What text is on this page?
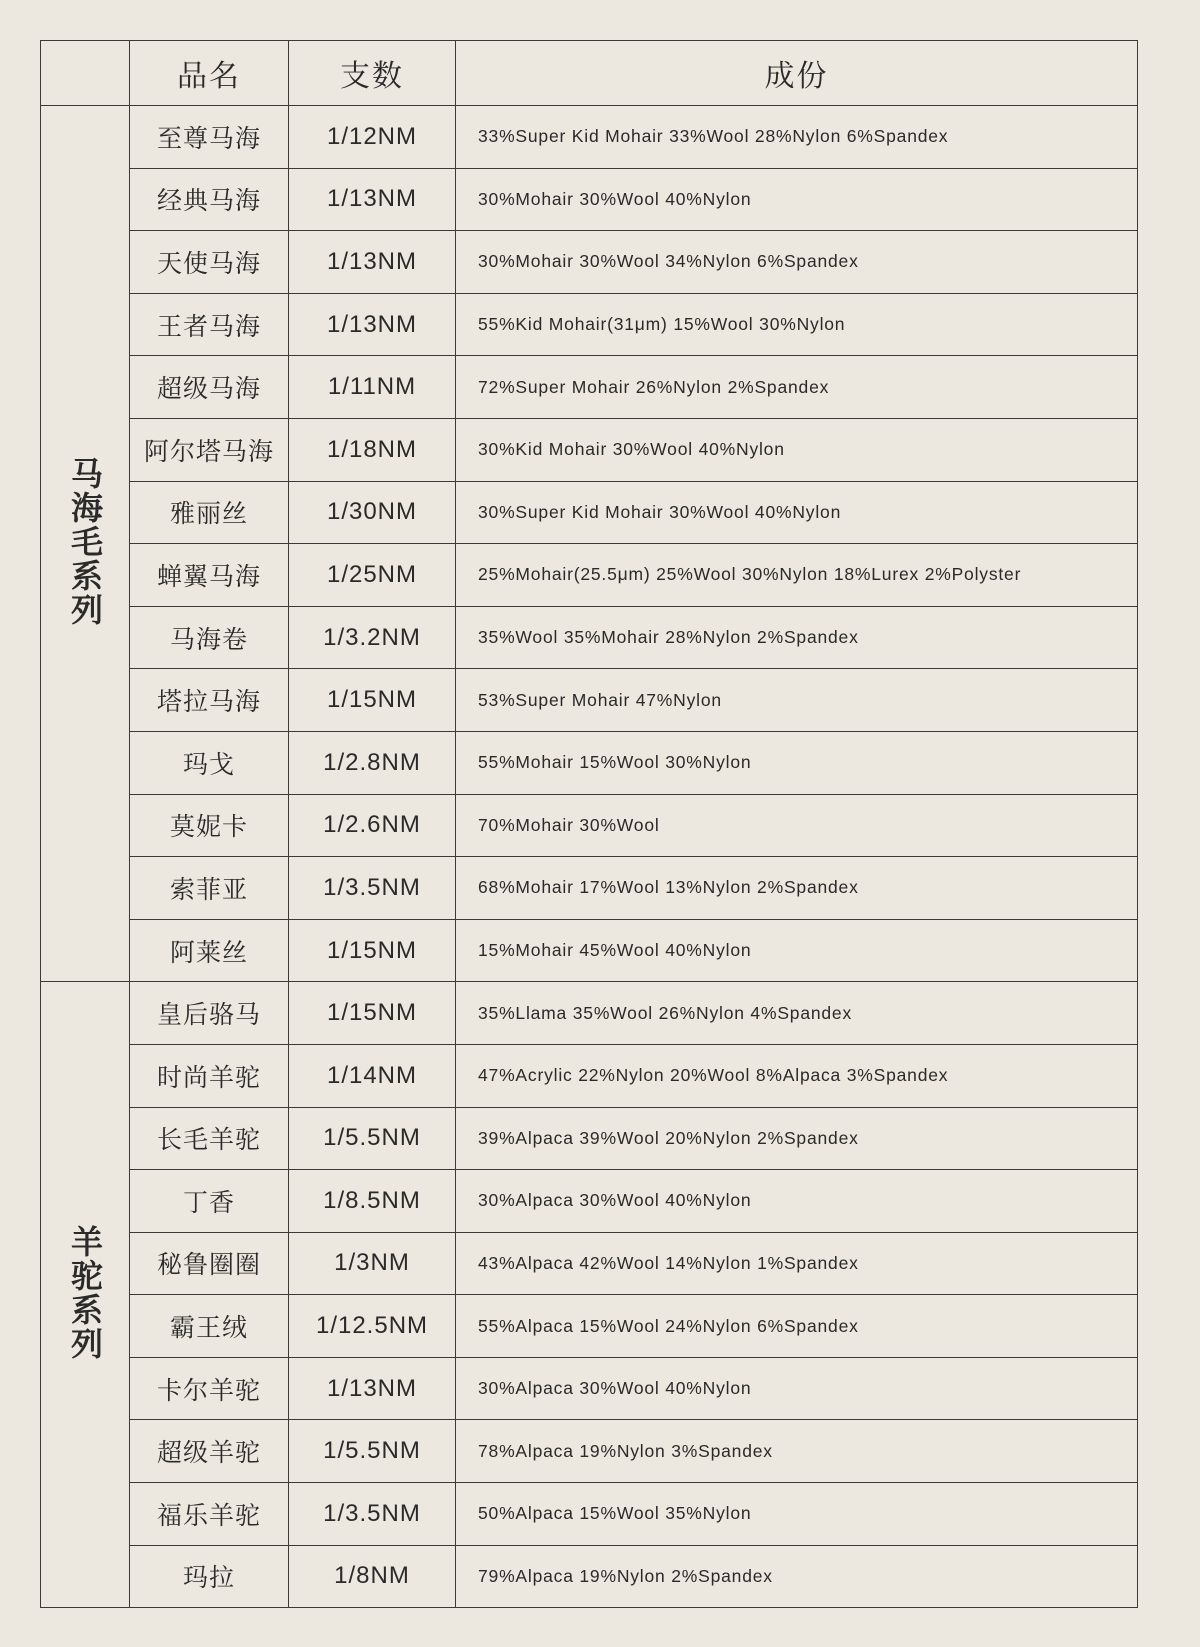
	品名	支数	成份
马海毛系列	至尊马海	1/12NM	33%Super Kid Mohair 33%Wool 28%Nylon 6%Spandex
	经典马海	1/13NM	30%Mohair 30%Wool 40%Nylon
	天使马海	1/13NM	30%Mohair 30%Wool 34%Nylon 6%Spandex
	王者马海	1/13NM	55%Kid Mohair(31μm) 15%Wool 30%Nylon
	超级马海	1/11NM	72%Super Mohair 26%Nylon 2%Spandex
	阿尔塔马海	1/18NM	30%Kid Mohair 30%Wool 40%Nylon
	雅丽丝	1/30NM	30%Super Kid Mohair 30%Wool 40%Nylon
	蝉翼马海	1/25NM	25%Mohair(25.5μm) 25%Wool 30%Nylon 18%Lurex 2%Polyster
	马海卷	1/3.2NM	35%Wool 35%Mohair 28%Nylon 2%Spandex
	塔拉马海	1/15NM	53%Super Mohair 47%Nylon
	玛戈	1/2.8NM	55%Mohair 15%Wool 30%Nylon
	莫妮卡	1/2.6NM	70%Mohair 30%Wool
	索菲亚	1/3.5NM	68%Mohair 17%Wool 13%Nylon 2%Spandex
	阿莱丝	1/15NM	15%Mohair 45%Wool 40%Nylon
羊驼系列	皇后骆马	1/15NM	35%Llama 35%Wool 26%Nylon 4%Spandex
	时尚羊驼	1/14NM	47%Acrylic 22%Nylon 20%Wool 8%Alpaca 3%Spandex
	长毛羊驼	1/5.5NM	39%Alpaca 39%Wool 20%Nylon 2%Spandex
	丁香	1/8.5NM	30%Alpaca 30%Wool 40%Nylon
	秘鲁圈圈	1/3NM	43%Alpaca 42%Wool 14%Nylon 1%Spandex
	霸王绒	1/12.5NM	55%Alpaca 15%Wool 24%Nylon 6%Spandex
	卡尔羊驼	1/13NM	30%Alpaca 30%Wool 40%Nylon
	超级羊驼	1/5.5NM	78%Alpaca 19%Nylon 3%Spandex
	福乐羊驼	1/3.5NM	50%Alpaca 15%Wool 35%Nylon
	玛拉	1/8NM	79%Alpaca 19%Nylon 2%Spandex
